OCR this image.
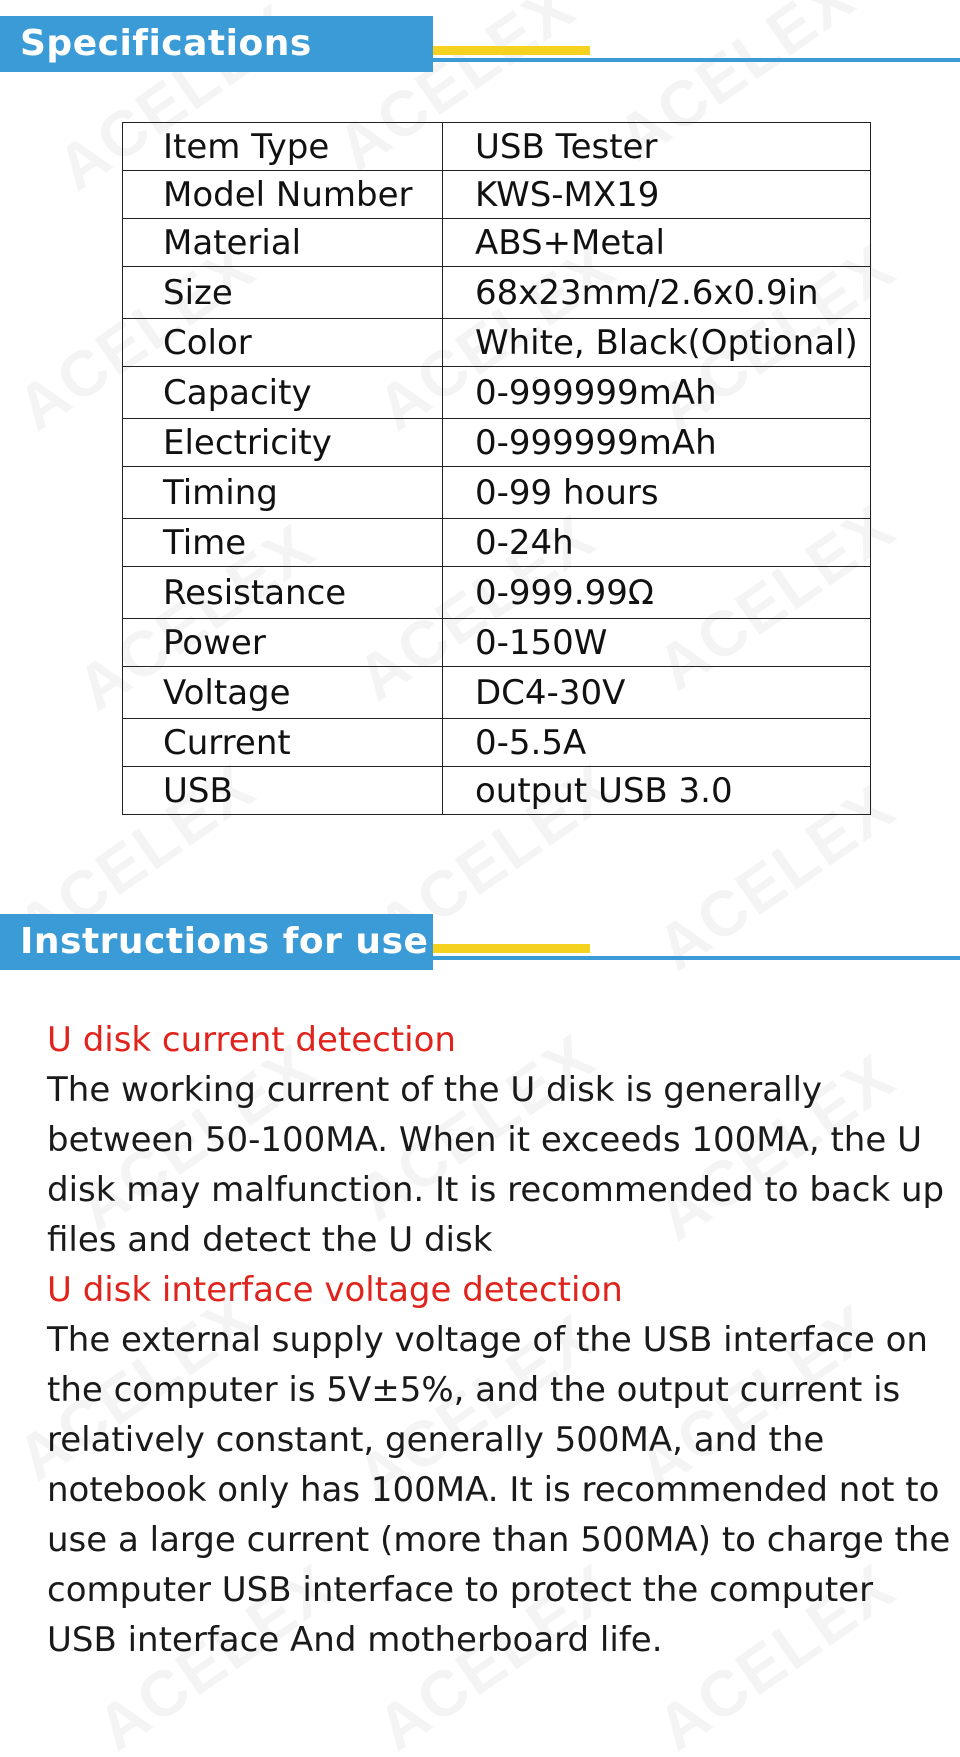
Specifications
Item Type	USB Tester
Model Number	KWS-MX19
Material	ABS+Metal
Size	68x23mm/2.6x0.9in
Color	White, Black(Optional)
Capacity	0-999999mAh
Electricity	0-999999mAh
Timing	0-99 hours
Time	0-24h
Resistance	0-999.99Ω
Power	0-150W
Voltage	DC4-30V
Current	0-5.5A
USB	output USB 3.0
Instructions for use

U disk current detection

The working current of the U disk is generally between 50-100MA. When it exceeds 100MA, the U disk may malfunction. It is recommended to back up files and detect the U disk

U disk interface voltage detection

The external supply voltage of the USB interface on the computer is 5V±5%, and the output current is relatively constant, generally 500MA, and the notebook only has 100MA. It is recommended not to use a large current (more than 500MA) to charge the computer USB interface to protect the computer USB interface And motherboard life.
